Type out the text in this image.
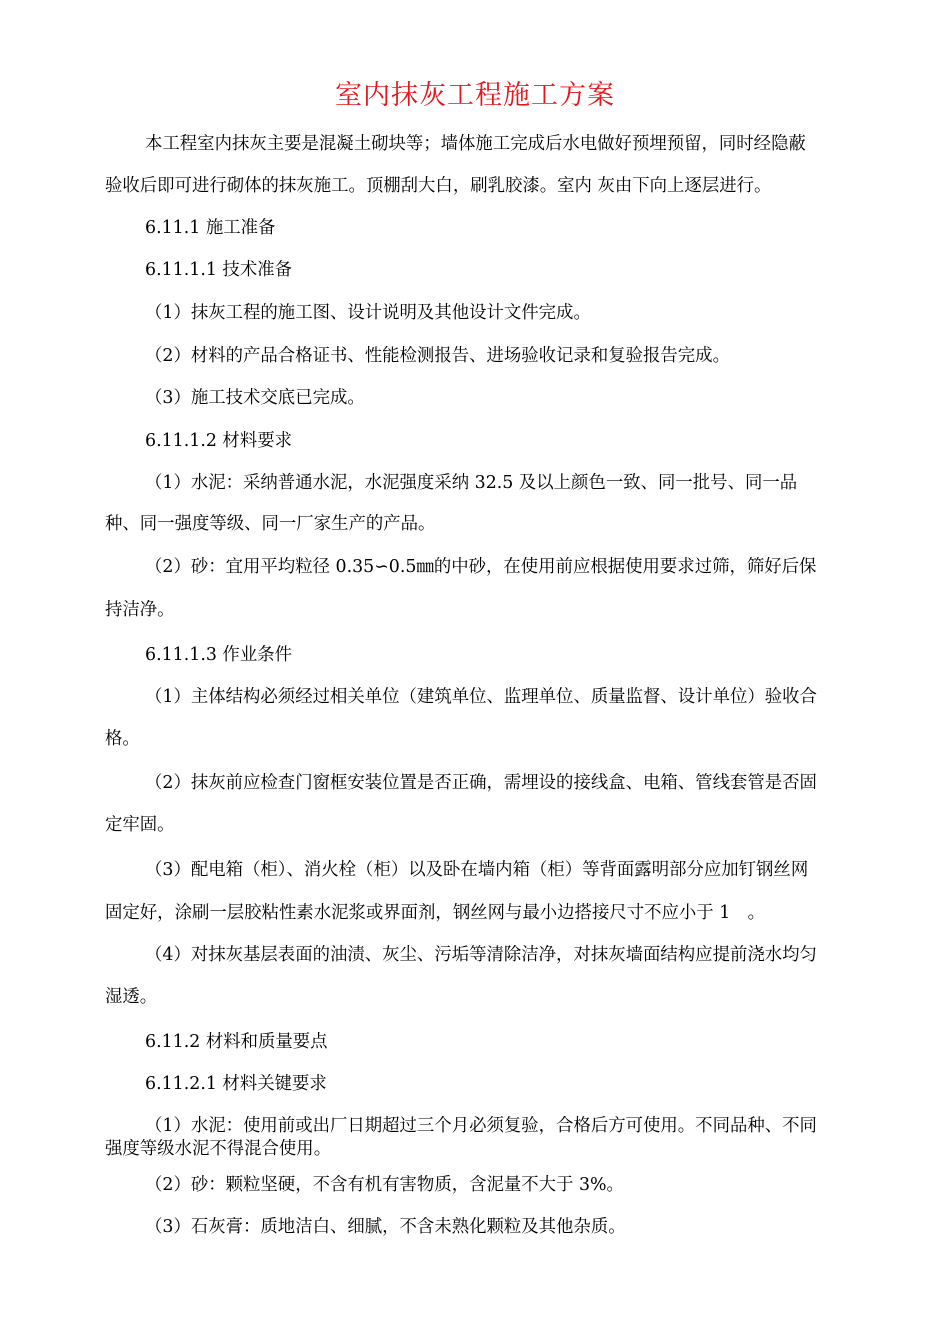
室内抹灰工程施工方案
本工程室内抹灰主要是混凝土砌块等；墙体施工完成后水电做好预埋预留，同时经隐蔽
验收后即可进行砌体的抹灰施工。顶棚刮大白，刷乳胶漆。室内 灰由下向上逐层进行。
6.11.1 施工准备
6.11.1.1 技术准备
（1）抹灰工程的施工图、设计说明及其他设计文件完成。
（2）材料的产品合格证书、性能检测报告、进场验收记录和复验报告完成。
（3）施工技术交底已完成。
6.11.1.2 材料要求
（1）水泥：采纳普通水泥，水泥强度采纳 32.5 及以上颜色一致、同一批号、同一品
种、同一强度等级、同一厂家生产的产品。
（2）砂：宜用平均粒径 0.35∽0.5㎜的中砂，在使用前应根据使用要求过筛，筛好后保
持洁净。
6.11.1.3 作业条件
（1）主体结构必须经过相关单位（建筑单位、监理单位、质量监督、设计单位）验收合
格。
（2）抹灰前应检查门窗框安装位置是否正确，需埋设的接线盒、电箱、管线套管是否固
定牢固。
（3）配电箱（柜）、消火栓（柜）以及卧在墙内箱（柜）等背面露明部分应加钉钢丝网
固定好，涂刷一层胶粘性素水泥浆或界面剂，钢丝网与最小边搭接尺寸不应小于 1　。
（4）对抹灰基层表面的油渍、灰尘、污垢等清除洁净，对抹灰墙面结构应提前浇水均匀
湿透。
6.11.2 材料和质量要点
6.11.2.1 材料关键要求
（1）水泥：使用前或出厂日期超过三个月必须复验，合格后方可使用。不同品种、不同
强度等级水泥不得混合使用。
（2）砂：颗粒坚硬，不含有机有害物质，含泥量不大于 3%。
（3）石灰膏：质地洁白、细腻，不含未熟化颗粒及其他杂质。
